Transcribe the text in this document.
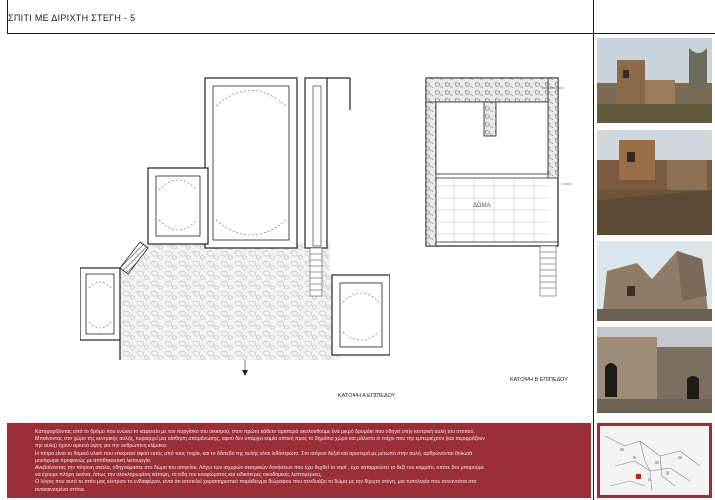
ΣΠΙΤΙ ΜΕ ΔΙΡΙΧΤΗ ΣΤΕΓΗ - 5
ΚΑΤΟΨΗ Α ΕΠΙΠΕΔΟΥ
ΔΩΜΑ
ΚΑΤΟΨΗ Β ΕΠΙΠΕΔΟΥ

Κατηφορίζοντας από το δρόμο που ενώνει το καφενείο με τον πυργίσκο του οικισμού, στον πρώτο κάθετο αριστερά ακολουθούμε ένα μικρό δρομάκι που οδηγεί στην κεντρική αυλή του σπιτιού.

Μπαίνοντας στο χώρο της κεντρικής αυλής, κυριαρχεί μια αίσθηση απομόνωσης, αφού δεν υπάρχει καμία οπτική προς το δημόσιο χώρο και μάλιστα οι τοίχοι που την εμπεριέχουν (και περιφράζουν

την αυλή) έχουν αρκετό ύψος για την ανθρώπινη κλίμακα.

Η πέτρα είναι το δομικό υλικό που επικρατεί αφού εκτός από τους τοιχία, και το δάπεδο της αυλής είναι λιθόστρωτο. Στο ισόγειο δεξιά και αριστερά με μέτωπο στην αυλή, αρθρώνονται θολωτά

μονόχωρα προφανώς με αποθηκευτική λειτουργία.

Ανεβαίνοντας την πέτρινη σκάλα, οδηγούμαστε στο δώμα του ισογείου. Λόγω των ισχυρών σεισμικών δονήσεων που έχει δεχθεί το νησί , έχει καταρρεύσει το δεξί του κομμάτι, οπότε δεν μπορούμε

να έχουμε πλήρη εικόνα, όπως την ολοκληρωμένη κάτοψη, τα είδη του κουφώματος και ειδικότερες οικοδομικές λεπτομέρειες.

Ο λόγος που αυτό το σπίτι μας κέντρισε το ενδιαφέρον, είναι ότι αποτελεί χαρακτηριστικό παράδειγμα διώροφου που συνδυάζει το δώμα με την δίριχτη στέγη, μια τυπολογία που συναντάται στα

ανακαινισμένα σπίτια.
